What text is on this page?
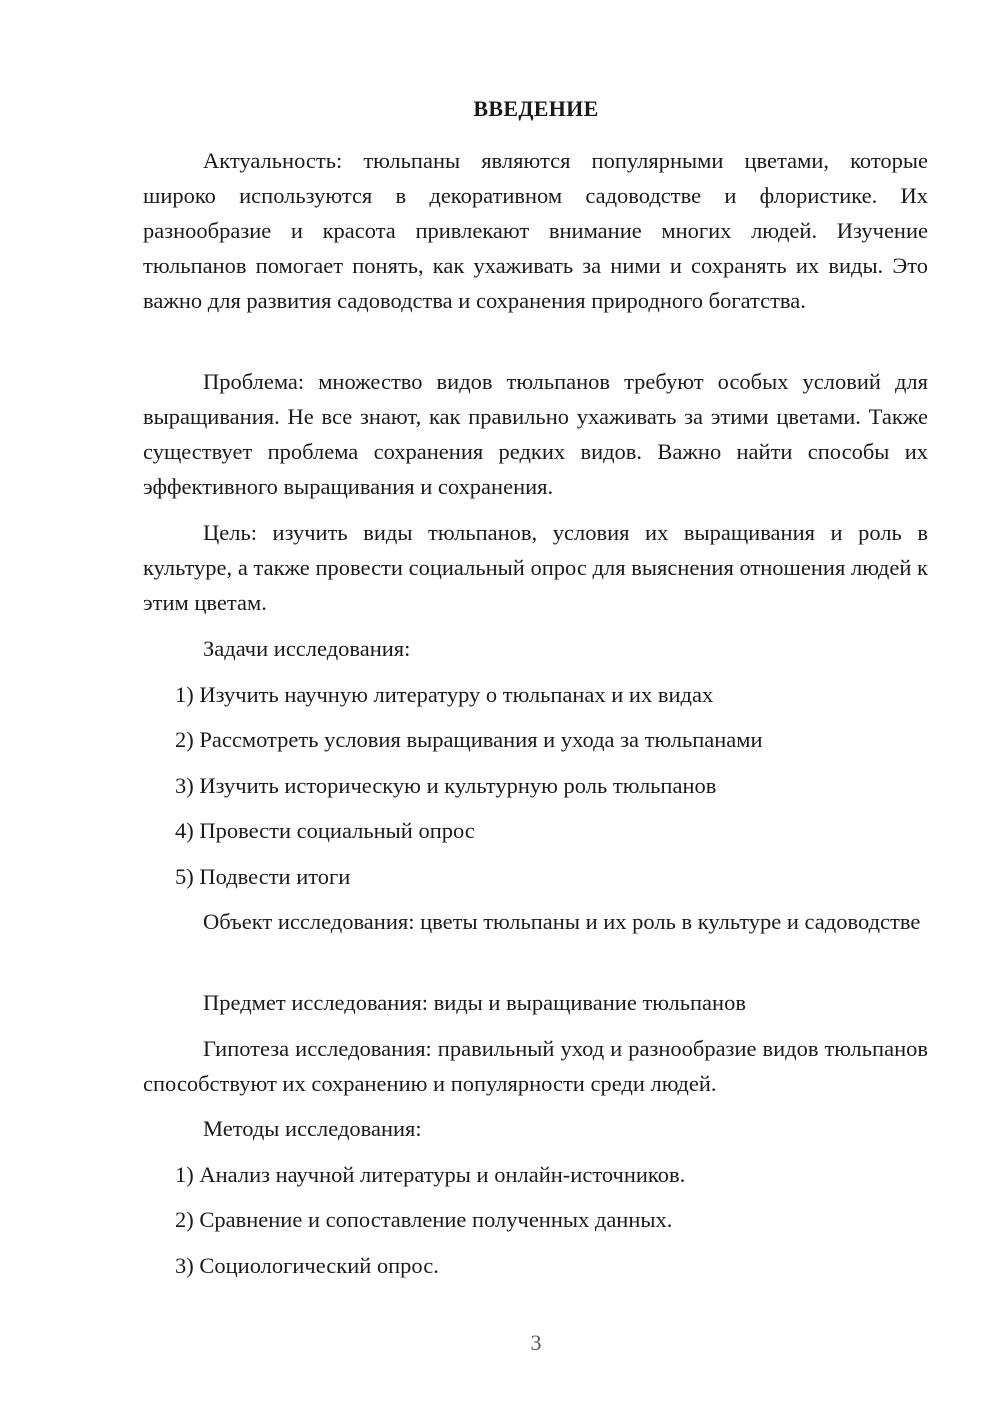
ВВЕДЕНИЕ

Актуальность: тюльпаны являются популярными цветами, которые широко используются в декоративном садоводстве и флористике. Их разнообразие и красота привлекают внимание многих людей. Изучение тюльпанов помогает понять, как ухаживать за ними и сохранять их виды. Это важно для развития садоводства и сохранения природного богатства.

Проблема: множество видов тюльпанов требуют особых условий для выращивания. Не все знают, как правильно ухаживать за этими цветами. Также существует проблема сохранения редких видов. Важно найти способы их эффективного выращивания и сохранения.

Цель: изучить виды тюльпанов, условия их выращивания и роль в культуре, а также провести социальный опрос для выяснения отношения людей к этим цветам.

Задачи исследования:

1) Изучить научную литературу о тюльпанах и их видах

2) Рассмотреть условия выращивания и ухода за тюльпанами

3) Изучить историческую и культурную роль тюльпанов

4) Провести социальный опрос

5) Подвести итоги

Объект исследования: цветы тюльпаны и их роль в культуре и садоводстве

Предмет исследования: виды и выращивание тюльпанов

Гипотеза исследования: правильный уход и разнообразие видов тюльпанов способствуют их сохранению и популярности среди людей.

Методы исследования:

1) Анализ научной литературы и онлайн-источников.

2) Сравнение и сопоставление полученных данных.

3) Социологический опрос.

3
